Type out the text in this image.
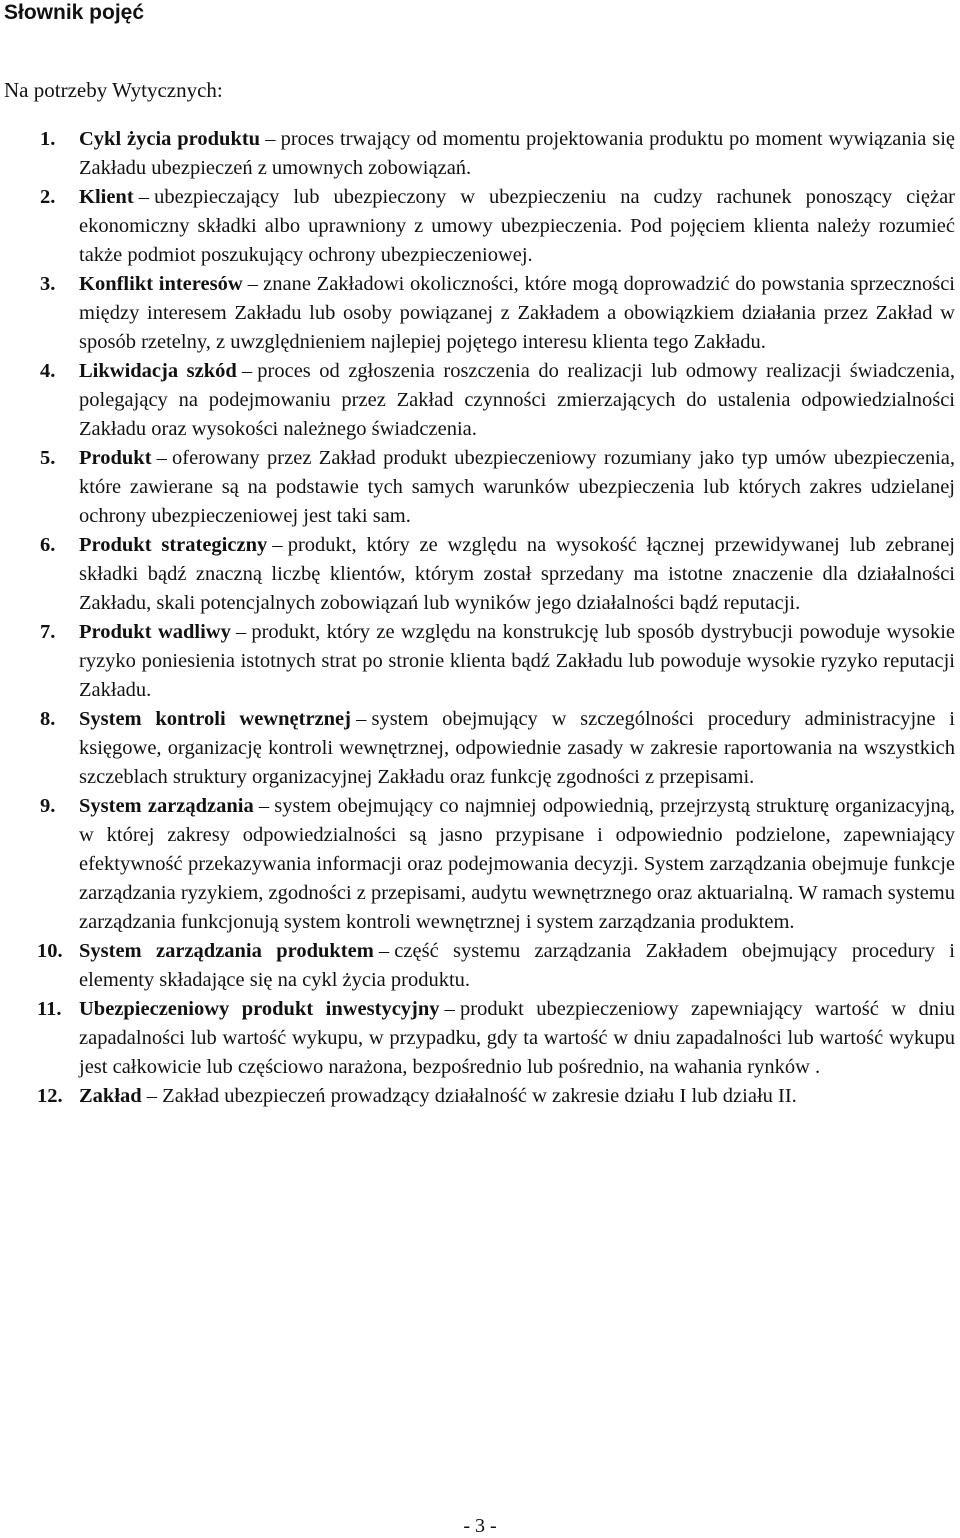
Słownik pojęć

Na potrzeby Wytycznych:

1. Cykl życia produktu – proces trwający od momentu projektowania produktu po moment wywiązania się Zakładu ubezpieczeń z umownych zobowiązań.
2. Klient – ubezpieczający lub ubezpieczony w ubezpieczeniu na cudzy rachunek ponoszący ciężar ekonomiczny składki albo uprawniony z umowy ubezpieczenia. Pod pojęciem klienta należy rozumieć także podmiot poszukujący ochrony ubezpieczeniowej.
3. Konflikt interesów – znane Zakładowi okoliczności, które mogą doprowadzić do powstania sprzeczności między interesem Zakładu lub osoby powiązanej z Zakładem a obowiązkiem działania przez Zakład w sposób rzetelny, z uwzględnieniem najlepiej pojętego interesu klienta tego Zakładu.
4. Likwidacja szkód – proces od zgłoszenia roszczenia do realizacji lub odmowy realizacji świadczenia, polegający na podejmowaniu przez Zakład czynności zmierzających do ustalenia odpowiedzialności Zakładu oraz wysokości należnego świadczenia.
5. Produkt – oferowany przez Zakład produkt ubezpieczeniowy rozumiany jako typ umów ubezpieczenia, które zawierane są na podstawie tych samych warunków ubezpieczenia lub których zakres udzielanej ochrony ubezpieczeniowej jest taki sam.
6. Produkt strategiczny – produkt, który ze względu na wysokość łącznej przewidywanej lub zebranej składki bądź znaczną liczbę klientów, którym został sprzedany ma istotne znaczenie dla działalności Zakładu, skali potencjalnych zobowiązań lub wyników jego działalności bądź reputacji.
7. Produkt wadliwy – produkt, który ze względu na konstrukcję lub sposób dystrybucji powoduje wysokie ryzyko poniesienia istotnych strat po stronie klienta bądź Zakładu lub powoduje wysokie ryzyko reputacji Zakładu.
8. System kontroli wewnętrznej – system obejmujący w szczególności procedury administracyjne i księgowe, organizację kontroli wewnętrznej, odpowiednie zasady w zakresie raportowania na wszystkich szczeblach struktury organizacyjnej Zakładu oraz funkcję zgodności z przepisami.
9. System zarządzania – system obejmujący co najmniej odpowiednią, przejrzystą strukturę organizacyjną, w której zakresy odpowiedzialności są jasno przypisane i odpowiednio podzielone, zapewniający efektywność przekazywania informacji oraz podejmowania decyzji. System zarządzania obejmuje funkcje zarządzania ryzykiem, zgodności z przepisami, audytu wewnętrznego oraz aktuarialną. W ramach systemu zarządzania funkcjonują system kontroli wewnętrznej i system zarządzania produktem.
10. System zarządzania produktem – część systemu zarządzania Zakładem obejmujący procedury i elementy składające się na cykl życia produktu.
11. Ubezpieczeniowy produkt inwestycyjny – produkt ubezpieczeniowy zapewniający wartość w dniu zapadalności lub wartość wykupu, w przypadku, gdy ta wartość w dniu zapadalności lub wartość wykupu jest całkowicie lub częściowo narażona, bezpośrednio lub pośrednio, na wahania rynków .
12. Zakład – Zakład ubezpieczeń prowadzący działalność w zakresie działu I lub działu II.
- 3 -
